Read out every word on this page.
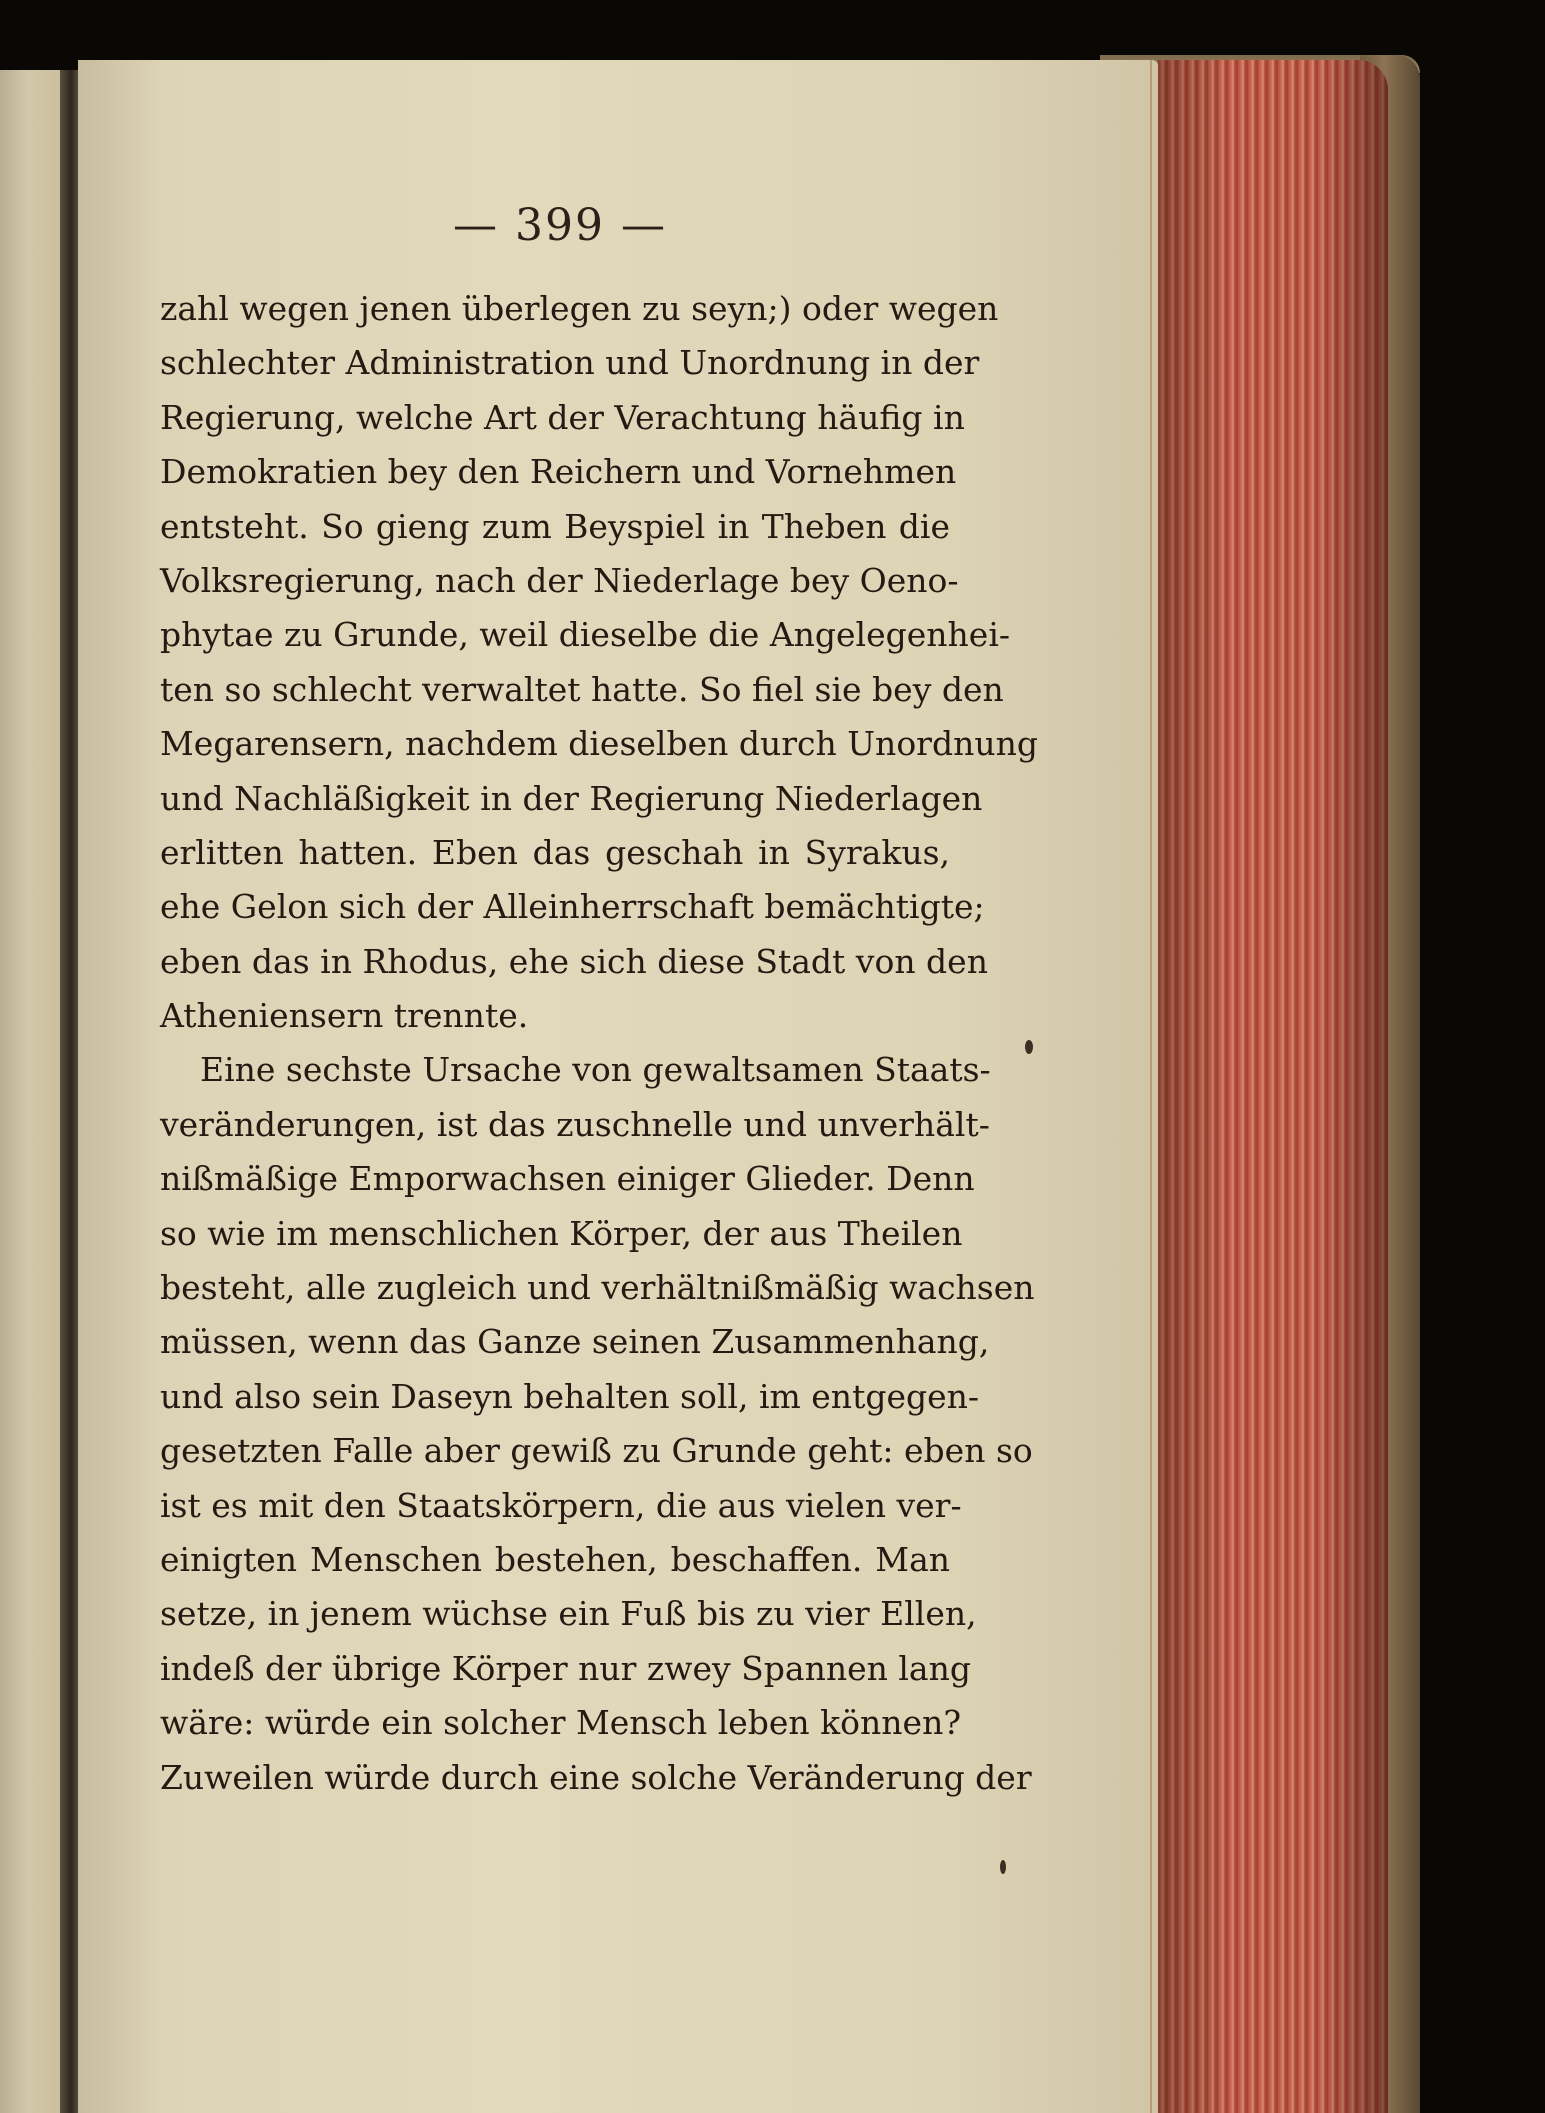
— 399 —
zahl wegen jenen überlegen zu seyn;) oder wegen
schlechter Administration und Unordnung in der
Regierung, welche Art der Verachtung häufig in
Demokratien bey den Reichern und Vornehmen
entsteht. So gieng zum Beyspiel in Theben die
Volksregierung, nach der Niederlage bey Oeno-
phytae zu Grunde, weil dieselbe die Angelegenhei-
ten so schlecht verwaltet hatte. So fiel sie bey den
Megarensern, nachdem dieselben durch Unordnung
und Nachläßigkeit in der Regierung Niederlagen
erlitten hatten. Eben das geschah in Syrakus,
ehe Gelon sich der Alleinherrschaft bemächtigte;
eben das in Rhodus, ehe sich diese Stadt von den
Atheniensern trennte.
Eine sechste Ursache von gewaltsamen Staats-
veränderungen, ist das zuschnelle und unverhält-
nißmäßige Emporwachsen einiger Glieder. Denn
so wie im menschlichen Körper, der aus Theilen
besteht, alle zugleich und verhältnißmäßig wachsen
müssen, wenn das Ganze seinen Zusammenhang,
und also sein Daseyn behalten soll, im entgegen-
gesetzten Falle aber gewiß zu Grunde geht: eben so
ist es mit den Staatskörpern, die aus vielen ver-
einigten Menschen bestehen, beschaffen. Man
setze, in jenem wüchse ein Fuß bis zu vier Ellen,
indeß der übrige Körper nur zwey Spannen lang
wäre: würde ein solcher Mensch leben können?
Zuweilen würde durch eine solche Veränderung der
